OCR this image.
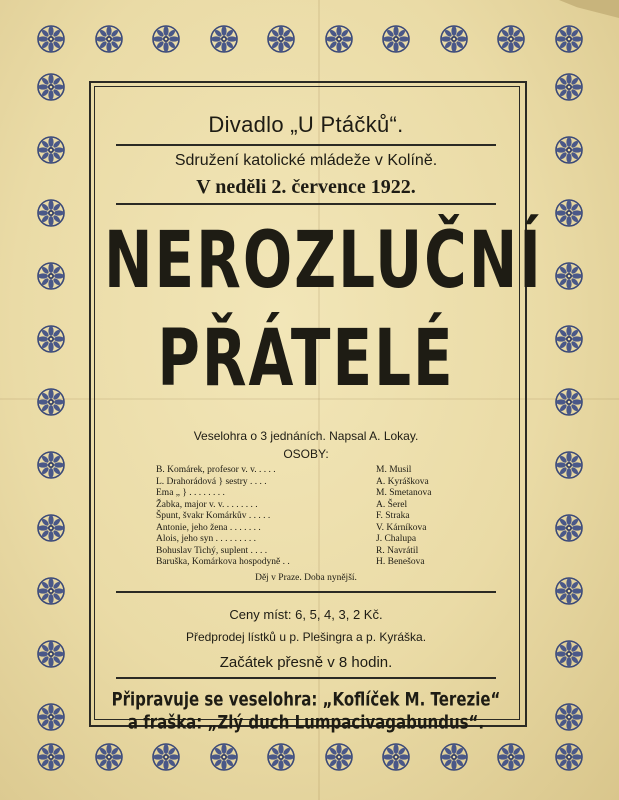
Divadlo „U Ptáčků“.
Sdružení katolické mládeže v Kolíně.
V neděli 2. července 1922.
NEROZLUČNÍ
PŘÁTELÉ
Veselohra o 3 jednáních. Napsal A. Lokay.
OSOBY:
B. Komárek, profesor v. v. . . . .	M. Musil
L. Drahorádová } sestry . . . .	A. Kyráškova
Ema „ } . . . . . . . .	M. Smetanova
Žabka, major v. v. . . . . . . .	A. Šerel
Špunt, švakr Komárkův . . . . .	F. Straka
Antonie, jeho žena . . . . . . .	V. Kárníkova
Alois, jeho syn . . . . . . . . .	J. Chalupa
Bohuslav Tichý, suplent . . . .	R. Navrátil
Baruška, Komárkova hospodyně . .	H. Benešova
Děj v Praze. Doba nynější.
Ceny míst: 6, 5, 4, 3, 2 Kč.
Předprodej lístků u p. Plešingra a p. Kyráška.
Začátek přesně v 8 hodin.
Připravuje se veselohra: „Koflíček M. Terezie“
a fraška: „Zlý duch Lumpacivagabundus“.
